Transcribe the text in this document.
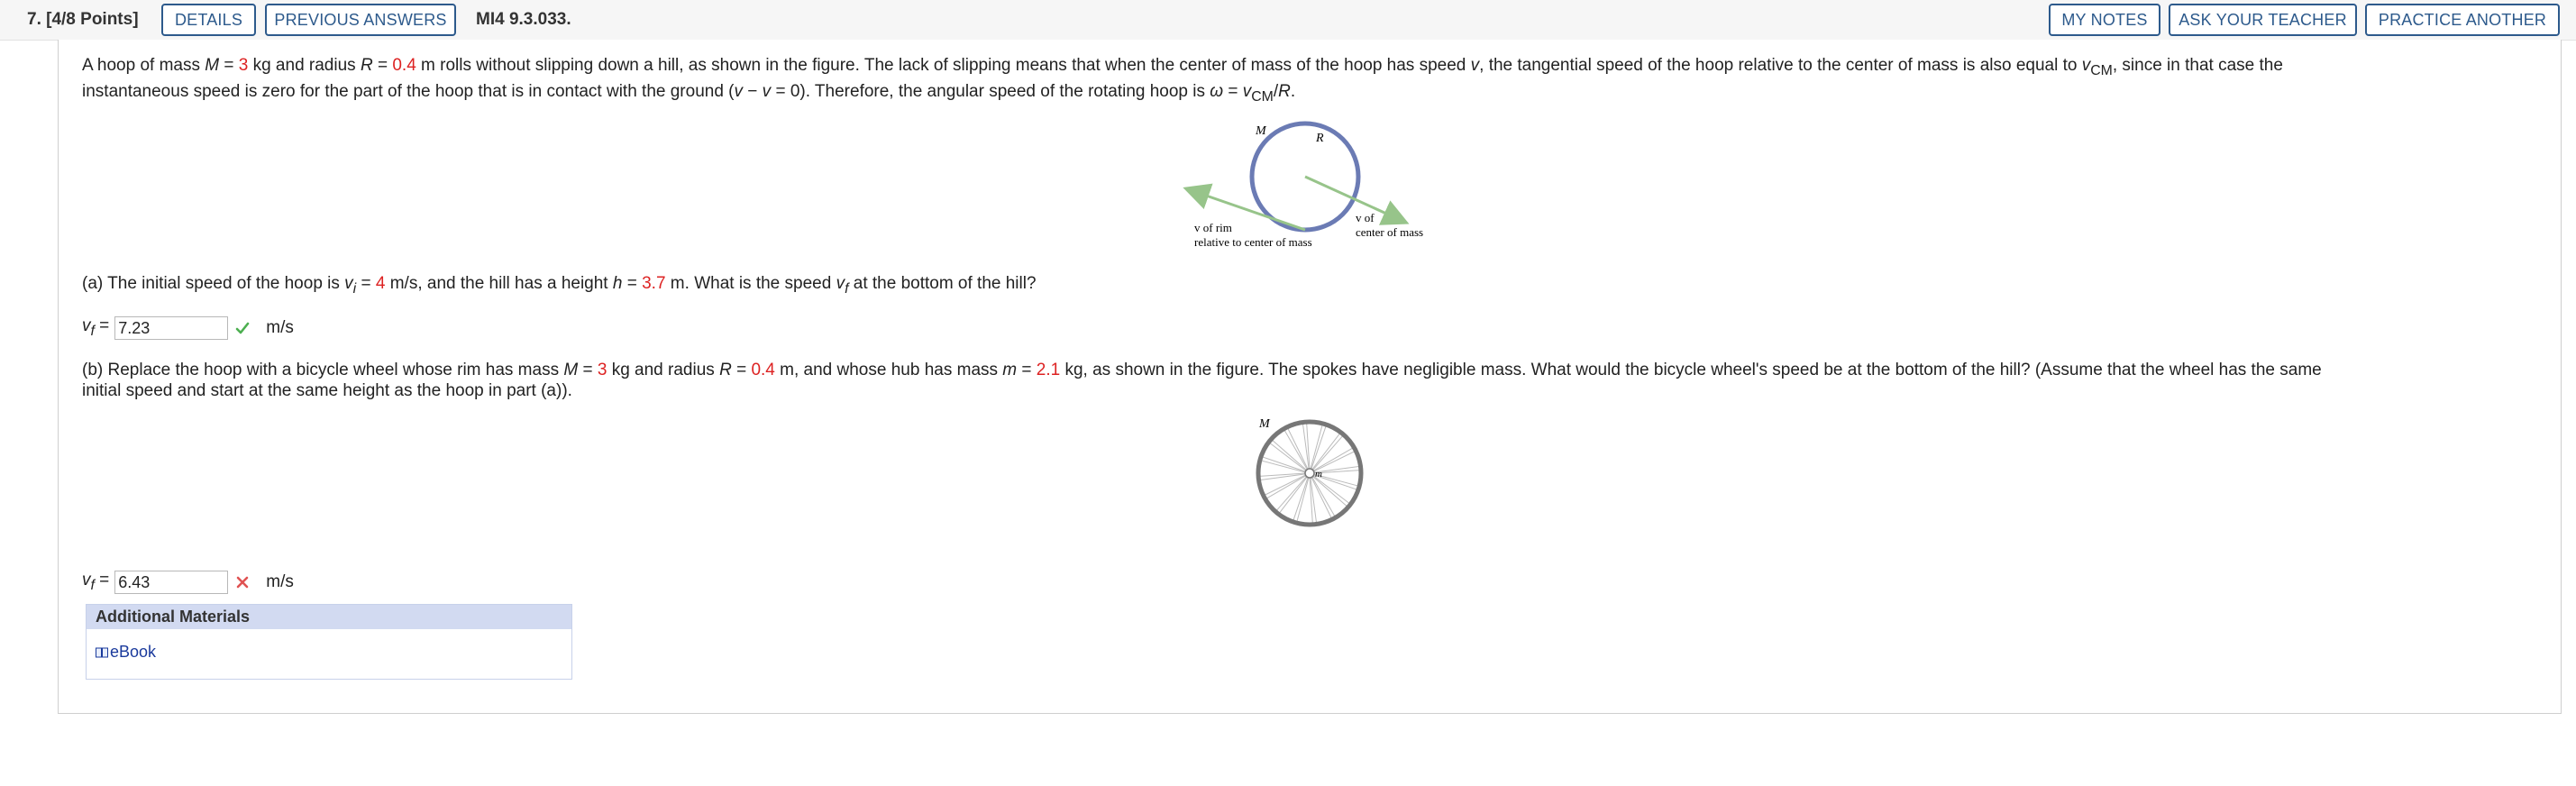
7. [4/8 Points]	DETAILS	PREVIOUS ANSWERS	MI4 9.3.033.	MY NOTES	ASK YOUR TEACHER	PRACTICE ANOTHER
A hoop of mass M = 3 kg and radius R = 0.4 m rolls without slipping down a hill, as shown in the figure. The lack of slipping means that when the center of mass of the hoop has speed v, the tangential speed of the hoop relative to the center of mass is also equal to $v_{CM}$, since in that case the
instantaneous speed is zero for the part of the hoop that is in contact with the ground (v − v = 0). Therefore, the angular speed of the rotating hoop is $\omega = v_{CM}/R$.
M
R
v of rim
relative to center of mass
v of
center of mass
(a) The initial speed of the hoop is $v_i = 4$ m/s, and the hill has a height h = 3.7 m. What is the speed $v_f$ at the bottom of the hill?
$v_f$ =
7.23	m/s
(b) Replace the hoop with a bicycle wheel whose rim has mass M = 3 kg and radius R = 0.4 m, and whose hub has mass m = 2.1 kg, as shown in the figure. The spokes have negligible mass. What would the bicycle wheel's speed be at the bottom of the hill? (Assume that the wheel has the same
initial speed and start at the same height as the hoop in part (a)).
M
m
$v_f$ =
6.43	m/s
Additional Materials
eBook
